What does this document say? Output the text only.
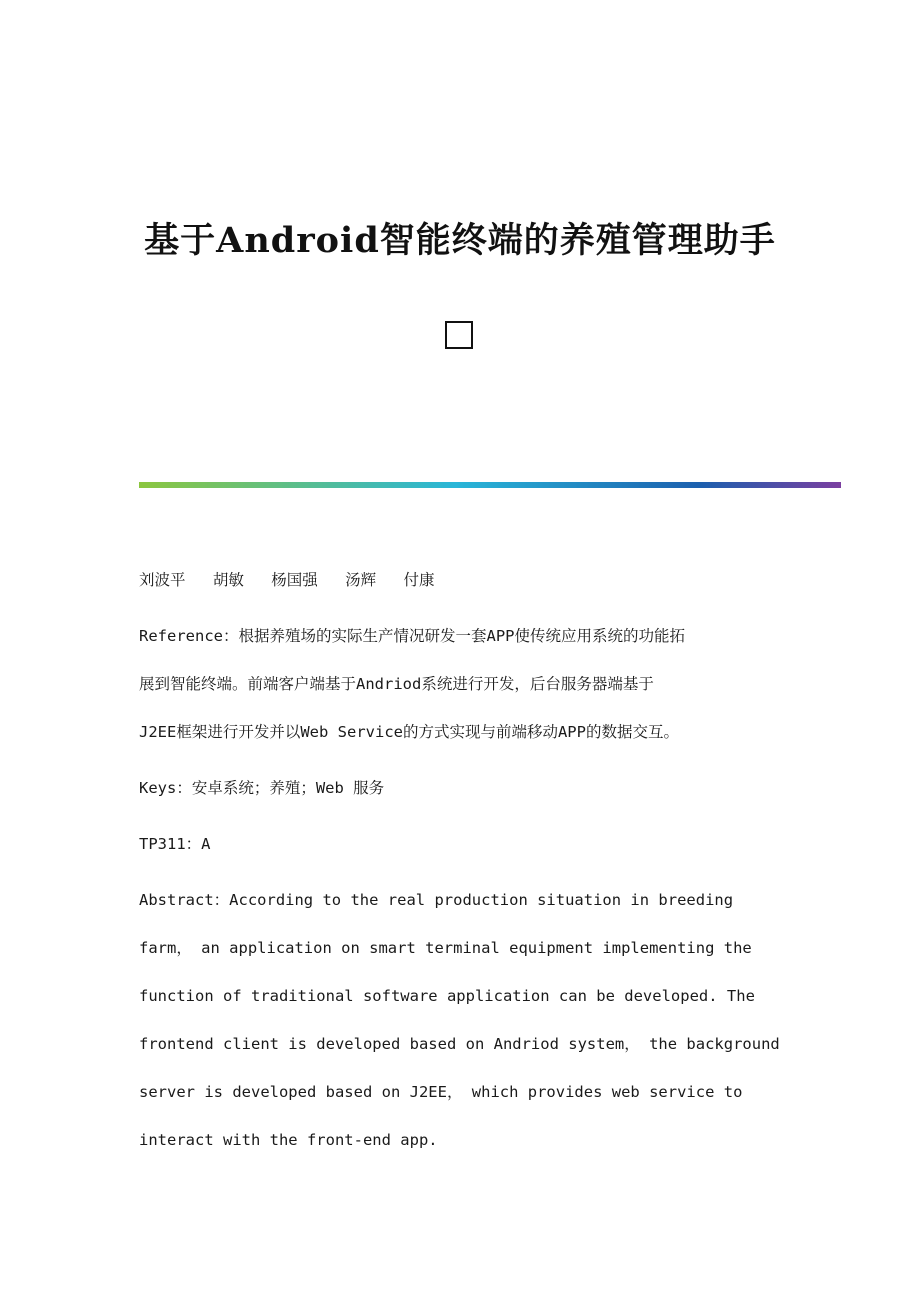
基于Android智能终端的养殖管理助手
刘波平 胡敏 杨国强 汤辉 付康
Reference：根据养殖场的实际生产情况研发一套APP使传统应用系统的功能拓
展到智能终端。前端客户端基于Andriod系统进行开发，后台服务器端基于
J2EE框架进行开发并以Web Service的方式实现与前端移动APP的数据交互。
Keys：安卓系统；养殖；Web 服务
TP311：A
Abstract：According to the real production situation in breeding
farm， an application on smart terminal equipment implementing the
function of traditional software application can be developed. The
frontend client is developed based on Andriod system， the background
server is developed based on J2EE， which provides web service to
interact with the front-end app.
